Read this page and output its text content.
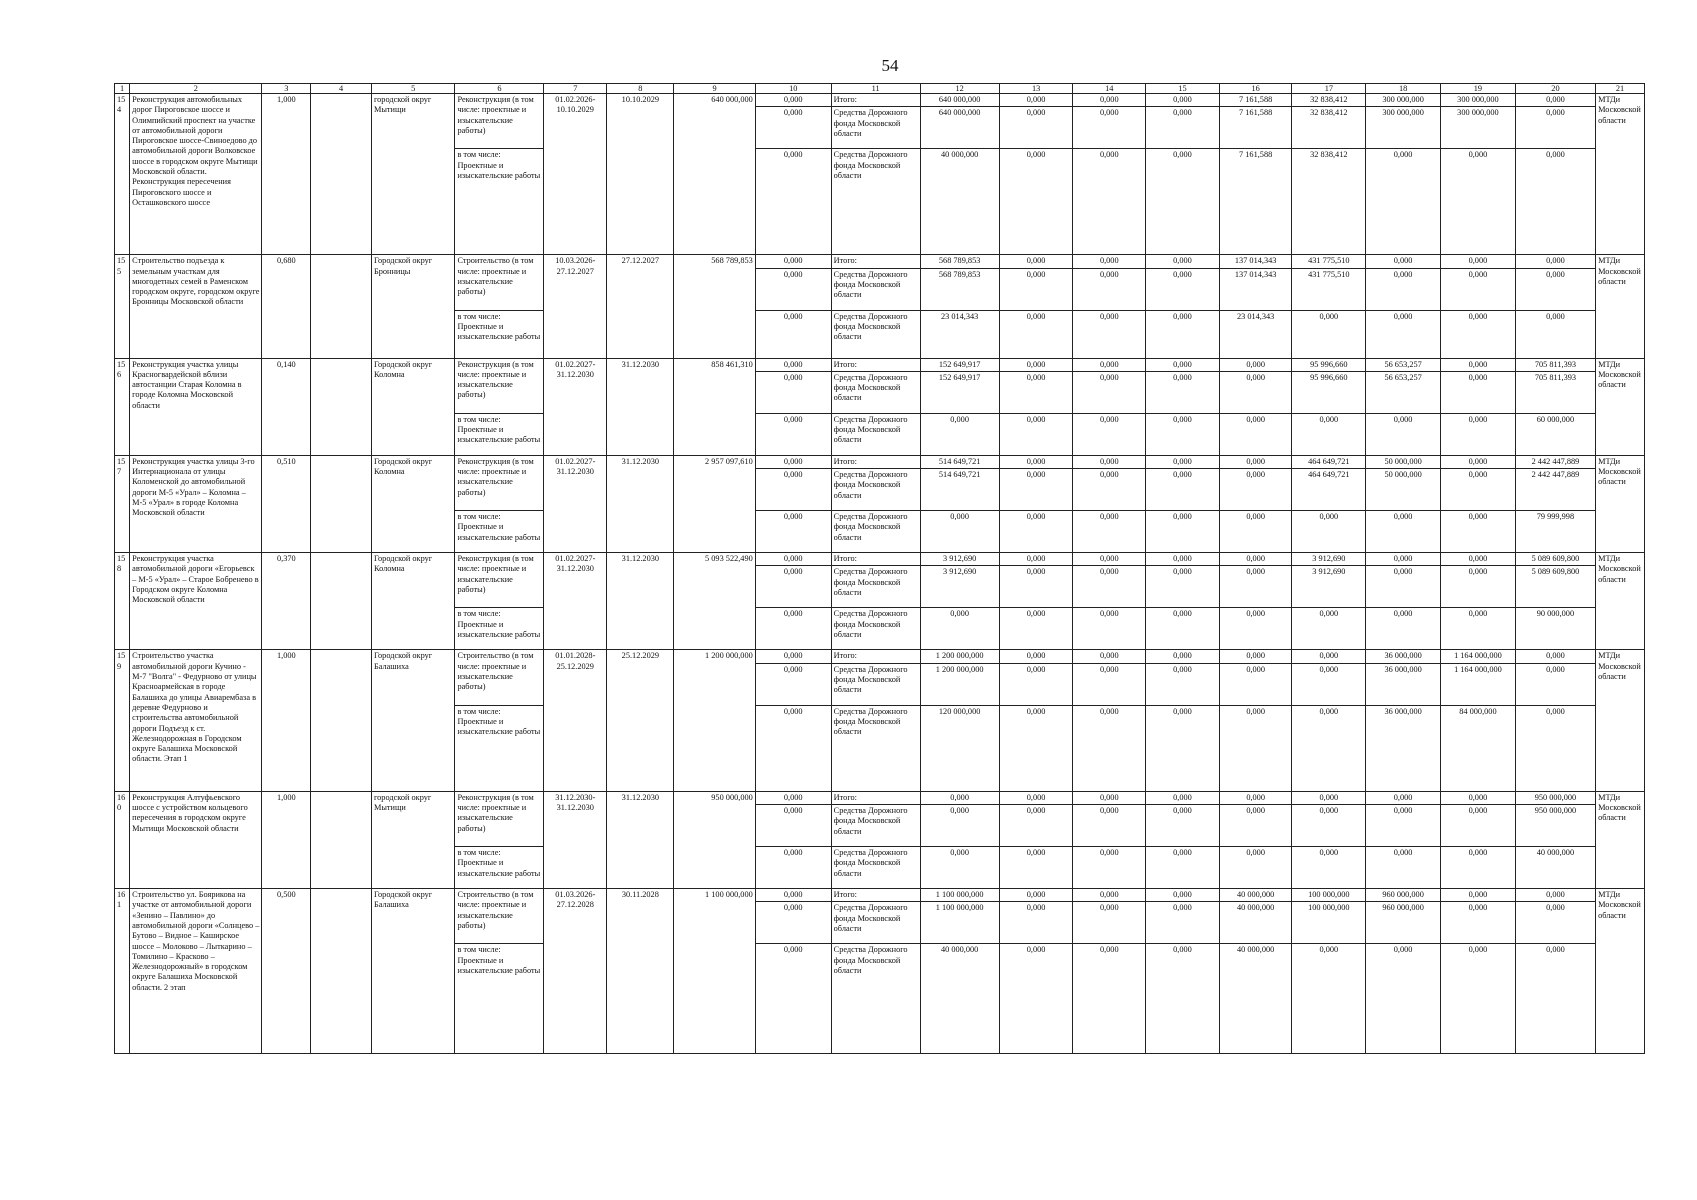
54
1	2	3	4	5	6	7	8	9	10	11	12	13	14	15	16	17	18	19	20	21
154	Реконструкция автомобильных дорог Пироговское шоссе и Олимпийский проспект на участке от автомобильной дороги Пироговское шоссе-Свиноедово до автомобильной дороги Волковское шоссе в городском округе Мытищи Московской области. Реконструкция пересечения Пироговского шоссе и Осташковского шоссе	1,000		городской округ Мытищи	Реконструкция (в том числе: проектные и изыскательские работы)	01.02.2026-10.10.2029	10.10.2029	640 000,000	0,000	Итого:	640 000,000	0,000	0,000	0,000	7 161,588	32 838,412	300 000,000	300 000,000	0,000	МТДи Московской области
									0,000	Средства Дорожного фонда Московской области	640 000,000	0,000	0,000	0,000	7 161,588	32 838,412	300 000,000	300 000,000	0,000	
					в том числе: Проектные и изыскательские работы				0,000	Средства Дорожного фонда Московской области	40 000,000	0,000	0,000	0,000	7 161,588	32 838,412	0,000	0,000	0,000	
155	Строительство подъезда к земельным участкам для многодетных семей в Раменском городском округе, городском округе Бронницы Московской области	0,680		Городской округ Бронницы	Строительство (в том числе: проектные и изыскательские работы)	10.03.2026-27.12.2027	27.12.2027	568 789,853	0,000	Итого:	568 789,853	0,000	0,000	0,000	137 014,343	431 775,510	0,000	0,000	0,000	МТДи Московской области
									0,000	Средства Дорожного фонда Московской области	568 789,853	0,000	0,000	0,000	137 014,343	431 775,510	0,000	0,000	0,000	
					в том числе: Проектные и изыскательские работы				0,000	Средства Дорожного фонда Московской области	23 014,343	0,000	0,000	0,000	23 014,343	0,000	0,000	0,000	0,000	
156	Реконструкция участка улицы Красногвардейской вблизи автостанции Старая Коломна в городе Коломна Московской области	0,140		Городской округ Коломна	Реконструкция (в том числе: проектные и изыскательские работы)	01.02.2027-31.12.2030	31.12.2030	858 461,310	0,000	Итого:	152 649,917	0,000	0,000	0,000	0,000	95 996,660	56 653,257	0,000	705 811,393	МТДи Московской области
									0,000	Средства Дорожного фонда Московской области	152 649,917	0,000	0,000	0,000	0,000	95 996,660	56 653,257	0,000	705 811,393	
					в том числе: Проектные и изыскательские работы				0,000	Средства Дорожного фонда Московской области	0,000	0,000	0,000	0,000	0,000	0,000	0,000	0,000	60 000,000	
157	Реконструкция участка улицы 3-го Интернационала от улицы Коломенской до автомобильной дороги М-5 «Урал» – Коломна – М-5 «Урал» в городе Коломна Московской области	0,510		Городской округ Коломна	Реконструкция (в том числе: проектные и изыскательские работы)	01.02.2027-31.12.2030	31.12.2030	2 957 097,610	0,000	Итого:	514 649,721	0,000	0,000	0,000	0,000	464 649,721	50 000,000	0,000	2 442 447,889	МТДи Московской области
									0,000	Средства Дорожного фонда Московской области	514 649,721	0,000	0,000	0,000	0,000	464 649,721	50 000,000	0,000	2 442 447,889	
					в том числе: Проектные и изыскательские работы				0,000	Средства Дорожного фонда Московской области	0,000	0,000	0,000	0,000	0,000	0,000	0,000	0,000	79 999,998	
158	Реконструкция участка автомобильной дороги «Егорьевск – М-5 «Урал» – Старое Бобренево в Городском округе Коломна Московской области	0,370		Городской округ Коломна	Реконструкция (в том числе: проектные и изыскательские работы)	01.02.2027-31.12.2030	31.12.2030	5 093 522,490	0,000	Итого:	3 912,690	0,000	0,000	0,000	0,000	3 912,690	0,000	0,000	5 089 609,800	МТДи Московской области
									0,000	Средства Дорожного фонда Московской области	3 912,690	0,000	0,000	0,000	0,000	3 912,690	0,000	0,000	5 089 609,800	
					в том числе: Проектные и изыскательские работы				0,000	Средства Дорожного фонда Московской области	0,000	0,000	0,000	0,000	0,000	0,000	0,000	0,000	90 000,000	
159	Строительство участка автомобильной дороги Кучино - М-7 "Волга" - Федурново от улицы Красноармейская в городе Балашиха до улицы Авиарембаза в деревне Федурново и строительства автомобильной дороги Подъезд к ст. Железнодорожная в Городском округе Балашиха Московской области. Этап 1	1,000		Городской округ Балашиха	Строительство (в том числе: проектные и изыскательские работы)	01.01.2028-25.12.2029	25.12.2029	1 200 000,000	0,000	Итого:	1 200 000,000	0,000	0,000	0,000	0,000	0,000	36 000,000	1 164 000,000	0,000	МТДи Московской области
									0,000	Средства Дорожного фонда Московской области	1 200 000,000	0,000	0,000	0,000	0,000	0,000	36 000,000	1 164 000,000	0,000	
					в том числе: Проектные и изыскательские работы				0,000	Средства Дорожного фонда Московской области	120 000,000	0,000	0,000	0,000	0,000	0,000	36 000,000	84 000,000	0,000	
160	Реконструкция Алтуфьевского шоссе с устройством кольцевого пересечения в городском округе Мытищи Московской области	1,000		городской округ Мытищи	Реконструкция (в том числе: проектные и изыскательские работы)	31.12.2030-31.12.2030	31.12.2030	950 000,000	0,000	Итого:	0,000	0,000	0,000	0,000	0,000	0,000	0,000	0,000	950 000,000	МТДи Московской области
									0,000	Средства Дорожного фонда Московской области	0,000	0,000	0,000	0,000	0,000	0,000	0,000	0,000	950 000,000	
					в том числе: Проектные и изыскательские работы				0,000	Средства Дорожного фонда Московской области	0,000	0,000	0,000	0,000	0,000	0,000	0,000	0,000	40 000,000	
161	Строительство ул. Боярикова на участке от автомобильной дороги «Зенино – Павлино» до автомобильной дороги «Солнцево – Бутово – Видное – Каширское шоссе – Молоково – Лыткарино – Томилино – Красково – Железнодорожный» в городском округе Балашиха Московской области. 2 этап	0,500		Городской округ Балашиха	Строительство (в том числе: проектные и изыскательские работы)	01.03.2026-27.12.2028	30.11.2028	1 100 000,000	0,000	Итого:	1 100 000,000	0,000	0,000	0,000	40 000,000	100 000,000	960 000,000	0,000	0,000	МТДи Московской области
									0,000	Средства Дорожного фонда Московской области	1 100 000,000	0,000	0,000	0,000	40 000,000	100 000,000	960 000,000	0,000	0,000	
					в том числе: Проектные и изыскательские работы				0,000	Средства Дорожного фонда Московской области	40 000,000	0,000	0,000	0,000	40 000,000	0,000	0,000	0,000	0,000	
